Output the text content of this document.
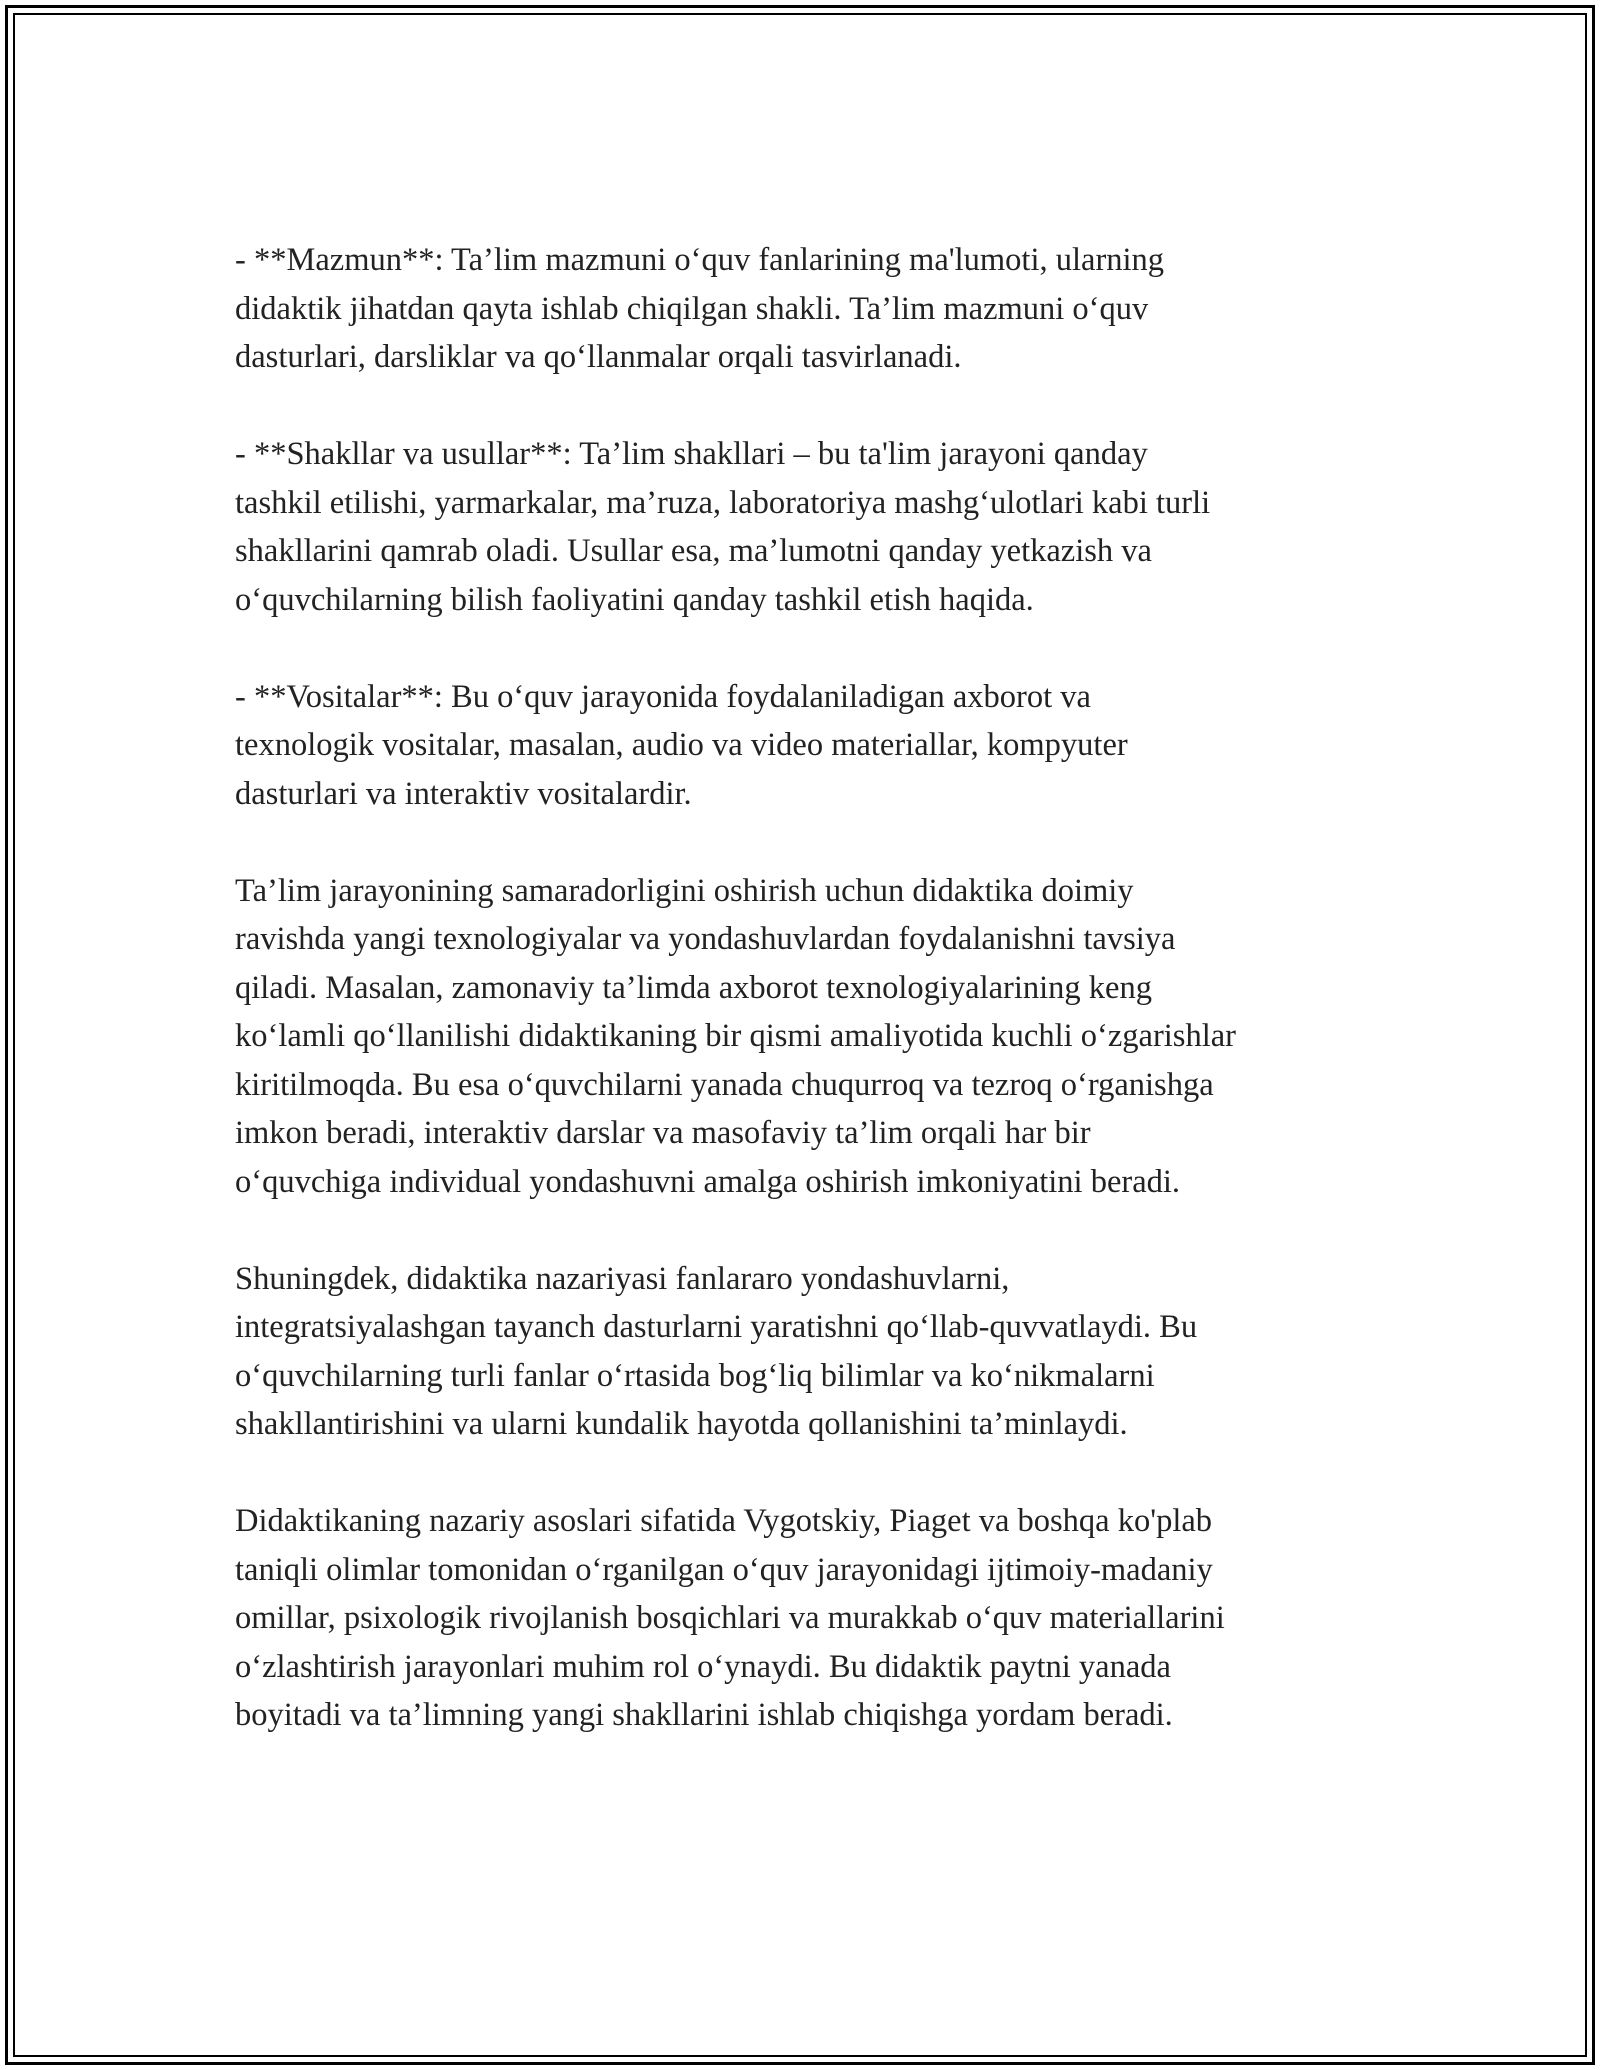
- **Mazmun**: Ta’lim mazmuni o‘quv fanlarining ma'lumoti, ularning
didaktik jihatdan qayta ishlab chiqilgan shakli. Ta’lim mazmuni o‘quv
dasturlari, darsliklar va qo‘llanmalar orqali tasvirlanadi.

- **Shakllar va usullar**: Ta’lim shakllari – bu ta'lim jarayoni qanday
tashkil etilishi, yarmarkalar, ma’ruza, laboratoriya mashg‘ulotlari kabi turli
shakllarini qamrab oladi. Usullar esa, ma’lumotni qanday yetkazish va
o‘quvchilarning bilish faoliyatini qanday tashkil etish haqida.

- **Vositalar**: Bu o‘quv jarayonida foydalaniladigan axborot va
texnologik vositalar, masalan, audio va video materiallar, kompyuter
dasturlari va interaktiv vositalardir.

Ta’lim jarayonining samaradorligini oshirish uchun didaktika doimiy
ravishda yangi texnologiyalar va yondashuvlardan foydalanishni tavsiya
qiladi. Masalan, zamonaviy ta’limda axborot texnologiyalarining keng
ko‘lamli qo‘llanilishi didaktikaning bir qismi amaliyotida kuchli o‘zgarishlar
kiritilmoqda. Bu esa o‘quvchilarni yanada chuqurroq va tezroq o‘rganishga
imkon beradi, interaktiv darslar va masofaviy ta’lim orqali har bir
o‘quvchiga individual yondashuvni amalga oshirish imkoniyatini beradi.

Shuningdek, didaktika nazariyasi fanlararo yondashuvlarni,
integratsiyalashgan tayanch dasturlarni yaratishni qo‘llab-quvvatlaydi. Bu
o‘quvchilarning turli fanlar o‘rtasida bog‘liq bilimlar va ko‘nikmalarni
shakllantirishini va ularni kundalik hayotda qollanishini ta’minlaydi.

Didaktikaning nazariy asoslari sifatida Vygotskiy, Piaget va boshqa ko'plab
taniqli olimlar tomonidan o‘rganilgan o‘quv jarayonidagi ijtimoiy-madaniy
omillar, psixologik rivojlanish bosqichlari va murakkab o‘quv materiallarini
o‘zlashtirish jarayonlari muhim rol o‘ynaydi. Bu didaktik paytni yanada
boyitadi va ta’limning yangi shakllarini ishlab chiqishga yordam beradi.
